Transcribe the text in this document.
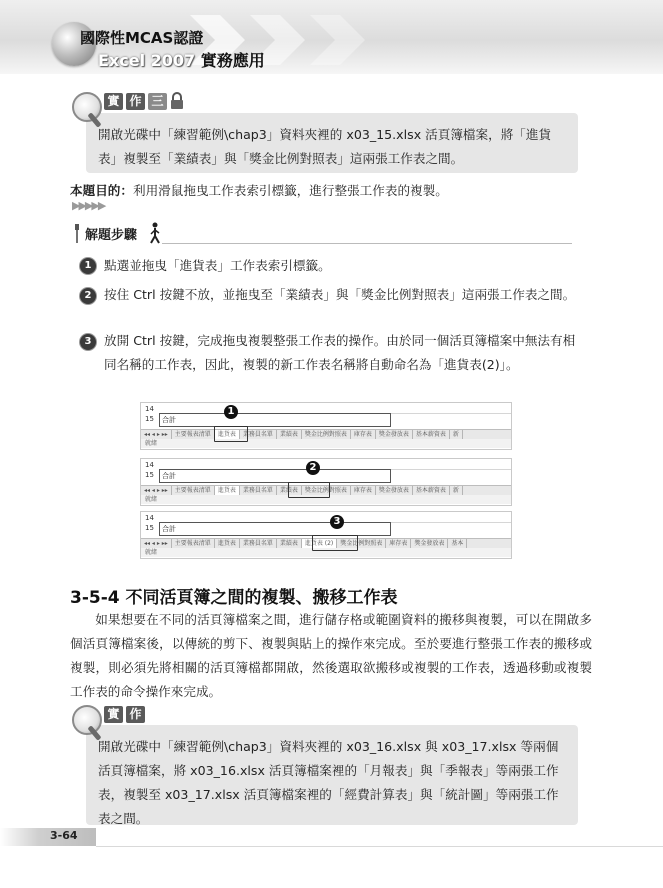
國際性MCAS認證
Excel 2007 實務應用
實 作 三
開啟光碟中「練習範例\chap3」資料夾裡的 x03_15.xlsx 活頁簿檔案，將「進貨表」複製至「業績表」與「獎金比例對照表」這兩張工作表之間。
本題目的：利用滑鼠拖曳工作表索引標籤，進行整張工作表的複製。
▶▶▶▶▶
解題步驟
1 點選並拖曳「進貨表」工作表索引標籤。
2 按住 Ctrl 按鍵不放，並拖曳至「業績表」與「獎金比例對照表」這兩張工作表之間。
3 放開 Ctrl 按鍵，完成拖曳複製整張工作表的操作。由於同一個活頁簿檔案中無法有相同名稱的工作表，因此，複製的新工作表名稱將自動命名為「進貨表(2)」。
14
15	合計
◂◂ ◂ ▸ ▸▸ 主要報表清單 進貨表 業務員名單 業績表 獎金比例對照表 庫存表 獎金發放表 基本薪資表 新
就緒
1
14
15	合計
◂◂ ◂ ▸ ▸▸ 主要報表清單 進貨表 業務員名單 業績表 獎金比例對照表 庫存表 獎金發放表 基本薪資表 新
就緒
2
14
15	合計
◂◂ ◂ ▸ ▸▸ 主要報表清單 進貨表 業務員名單 業績表 進貨表 (2) 獎金比例對照表 庫存表 獎金發放表 基本
就緒
3
3-5-4 不同活頁簿之間的複製、搬移工作表
如果想要在不同的活頁簿檔案之間，進行儲存格或範圍資料的搬移與複製，可以在開啟多個活頁簿檔案後，以傳統的剪下、複製與貼上的操作來完成。至於要進行整張工作表的搬移或複製，則必須先將相關的活頁簿檔都開啟，然後選取欲搬移或複製的工作表，透過移動或複製工作表的命令操作來完成。
實 作
開啟光碟中「練習範例\chap3」資料夾裡的 x03_16.xlsx 與 x03_17.xlsx 等兩個活頁簿檔案，將 x03_16.xlsx 活頁簿檔案裡的「月報表」與「季報表」等兩張工作表，複製至 x03_17.xlsx 活頁簿檔案裡的「經費計算表」與「統計圖」等兩張工作表之間。
3-64
